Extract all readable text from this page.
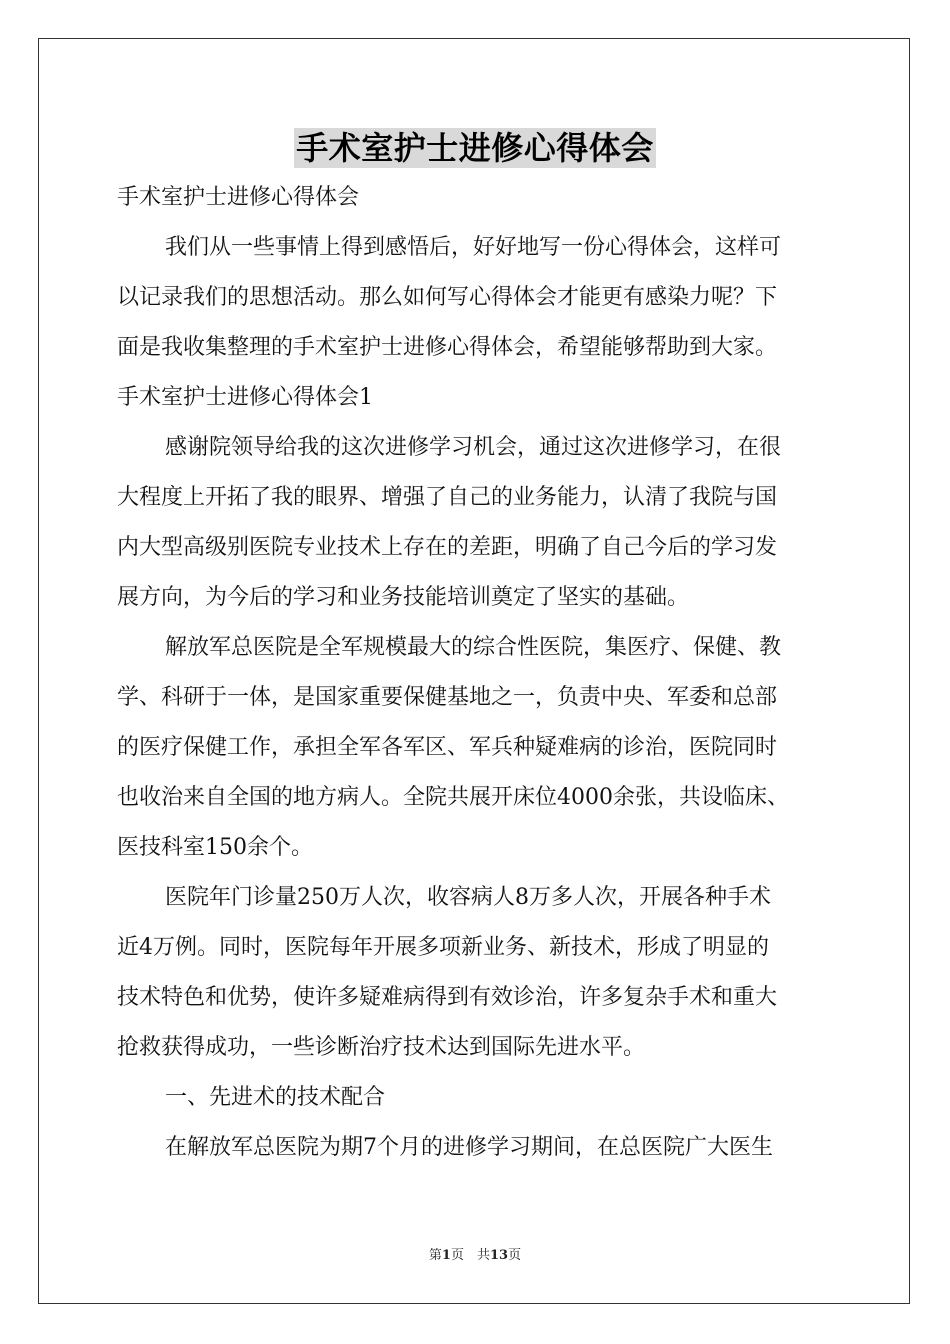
手术室护士进修心得体会
手术室护士进修心得体会
我们从一些事情上得到感悟后，好好地写一份心得体会，这样可
以记录我们的思想活动。那么如何写心得体会才能更有感染力呢？下
面是我收集整理的手术室护士进修心得体会，希望能够帮助到大家。
手术室护士进修心得体会1
感谢院领导给我的这次进修学习机会，通过这次进修学习，在很
大程度上开拓了我的眼界、增强了自己的业务能力，认清了我院与国
内大型高级别医院专业技术上存在的差距，明确了自己今后的学习发
展方向，为今后的学习和业务技能培训奠定了坚实的基础。
解放军总医院是全军规模最大的综合性医院，集医疗、保健、教
学、科研于一体，是国家重要保健基地之一，负责中央、军委和总部
的医疗保健工作，承担全军各军区、军兵种疑难病的诊治，医院同时
也收治来自全国的地方病人。全院共展开床位4000余张，共设临床、
医技科室150余个。
医院年门诊量250万人次，收容病人8万多人次，开展各种手术
近4万例。同时，医院每年开展多项新业务、新技术，形成了明显的
技术特色和优势，使许多疑难病得到有效诊治，许多复杂手术和重大
抢救获得成功，一些诊断治疗技术达到国际先进水平。
一、先进术的技术配合
在解放军总医院为期7个月的进修学习期间，在总医院广大医生
第1页　共13页
